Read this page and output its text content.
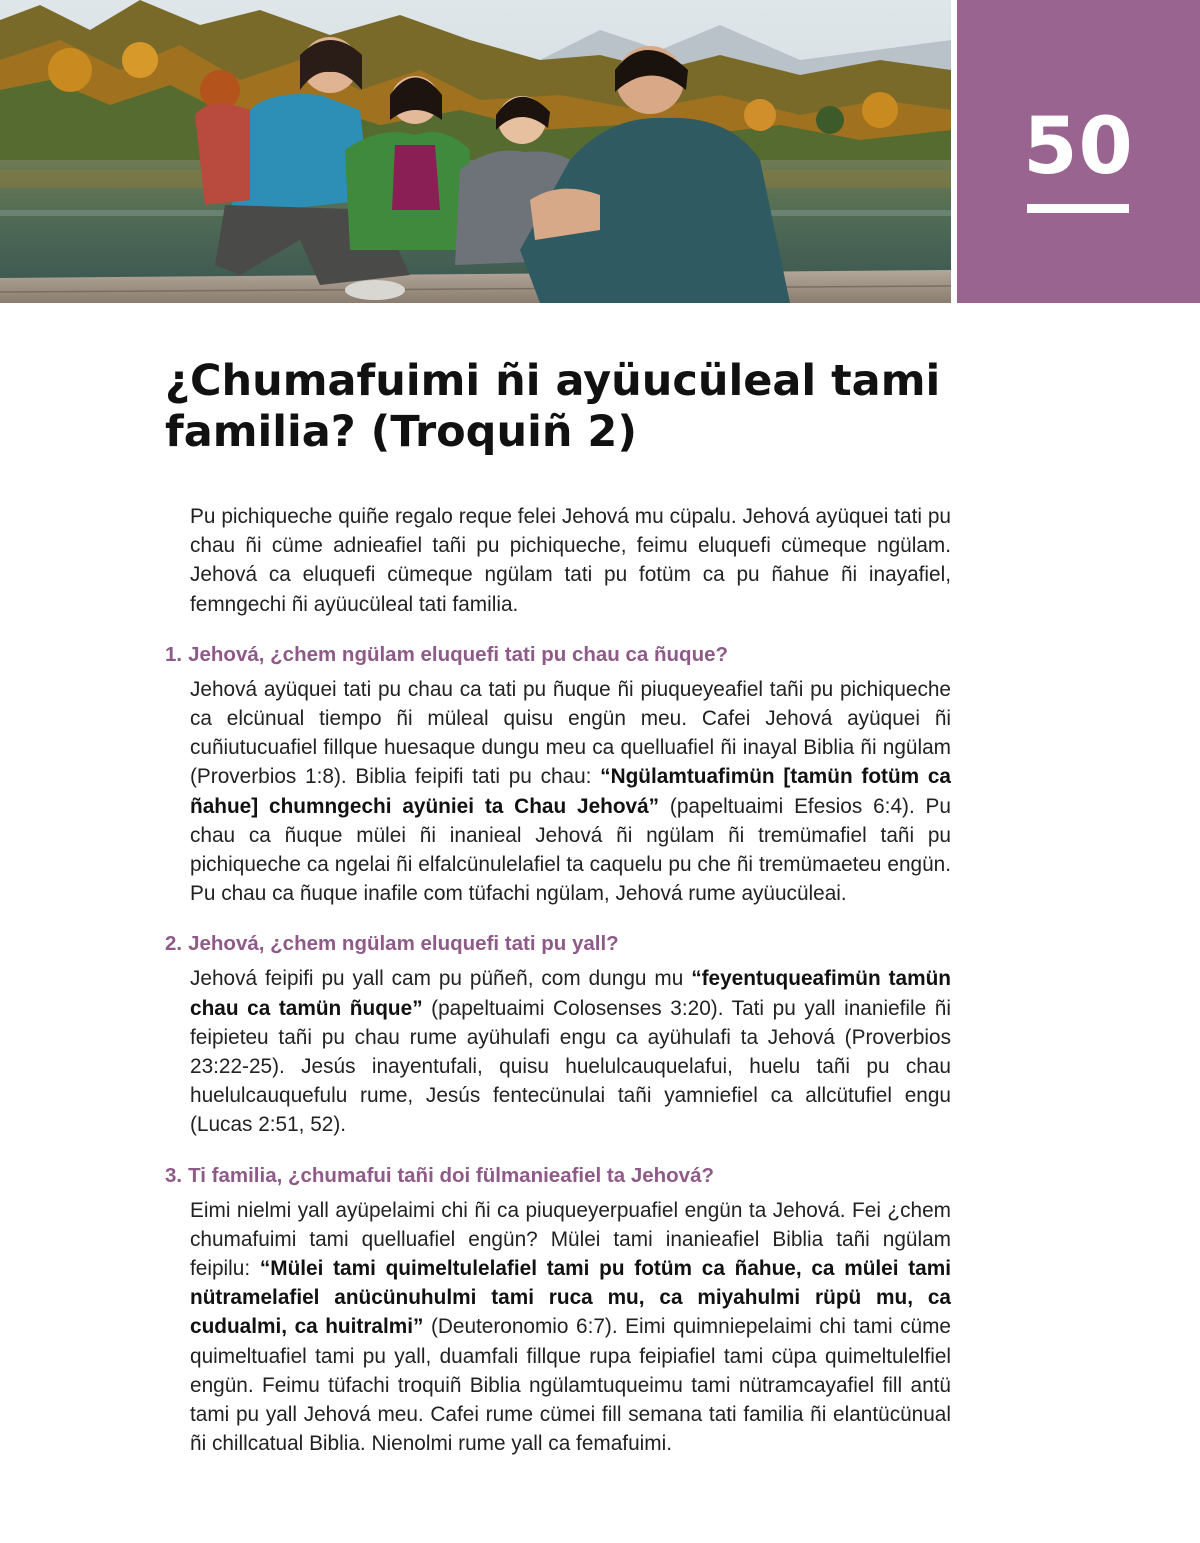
50
¿Chumafuimi ñi ayüucüleal tami familia? (Troquiñ 2)

Pu pichiqueche quiñe regalo reque felei Jehová mu cüpalu. Jehová ayüquei tati pu chau ñi cüme adnieafiel tañi pu pichiqueche, feimu eluquefi cümeque ngülam. Jehová ca eluquefi cümeque ngülam tati pu fotüm ca pu ñahue ñi inayafiel, femngechi ñi ayüucüleal tati familia.

1. Jehová, ¿chem ngülam eluquefi tati pu chau ca ñuque?

Jehová ayüquei tati pu chau ca tati pu ñuque ñi piuqueyeafiel tañi pu pichiqueche ca elcünual tiempo ñi müleal quisu engün meu. Cafei Jehová ayüquei ñi cuñiutucuafiel fillque huesaque dungu meu ca quelluafiel ñi inayal Biblia ñi ngülam (Proverbios 1:8). Biblia feipifi tati pu chau: “Ngülamtuafimün [tamün fotüm ca ñahue] chumngechi ayüniei ta Chau Jehová” (papeltuaimi Efesios 6:4). Pu chau ca ñuque mülei ñi inanieal Jehová ñi ngülam ñi tremümafiel tañi pu pichiqueche ca ngelai ñi elfalcünulelafiel ta caquelu pu che ñi tremümaeteu engün. Pu chau ca ñuque inafile com tüfachi ngülam, Jehová rume ayüucüleai.

2. Jehová, ¿chem ngülam eluquefi tati pu yall?

Jehová feipifi pu yall cam pu püñeñ, com dungu mu “feyentuqueafimün tamün chau ca tamün ñuque” (papeltuaimi Colosenses 3:20). Tati pu yall inaniefile ñi feipieteu tañi pu chau rume ayühulafi engu ca ayühulafi ta Jehová (Proverbios 23:22-25). Jesús inayentufali, quisu huelulcauquelafui, huelu tañi pu chau huelulcauquefulu rume, Jesús fentecünulai tañi yamniefiel ca allcütufiel engu (Lucas 2:51, 52).

3. Ti familia, ¿chumafui tañi doi fülmanieafiel ta Jehová?

Eimi nielmi yall ayüpelaimi chi ñi ca piuqueyerpuafiel engün ta Jehová. Fei ¿chem chumafuimi tami quelluafiel engün? Mülei tami inanieafiel Biblia tañi ngülam feipilu: “Mülei tami quimeltulelafiel tami pu fotüm ca ñahue, ca mülei tami nütramelafiel anücünuhulmi tami ruca mu, ca miyahulmi rüpü mu, ca cudualmi, ca huitralmi” (Deuteronomio 6:7). Eimi quimniepelaimi chi tami cüme quimeltuafiel tami pu yall, duamfali fillque rupa feipiafiel tami cüpa quimeltulelfiel engün. Feimu tüfachi troquiñ Biblia ngülamtuqueimu tami nütramcayafiel fill antü tami pu yall Jehová meu. Cafei rume cümei fill semana tati familia ñi elantücünual ñi chillcatual Biblia. Nienolmi rume yall ca femafuimi.
